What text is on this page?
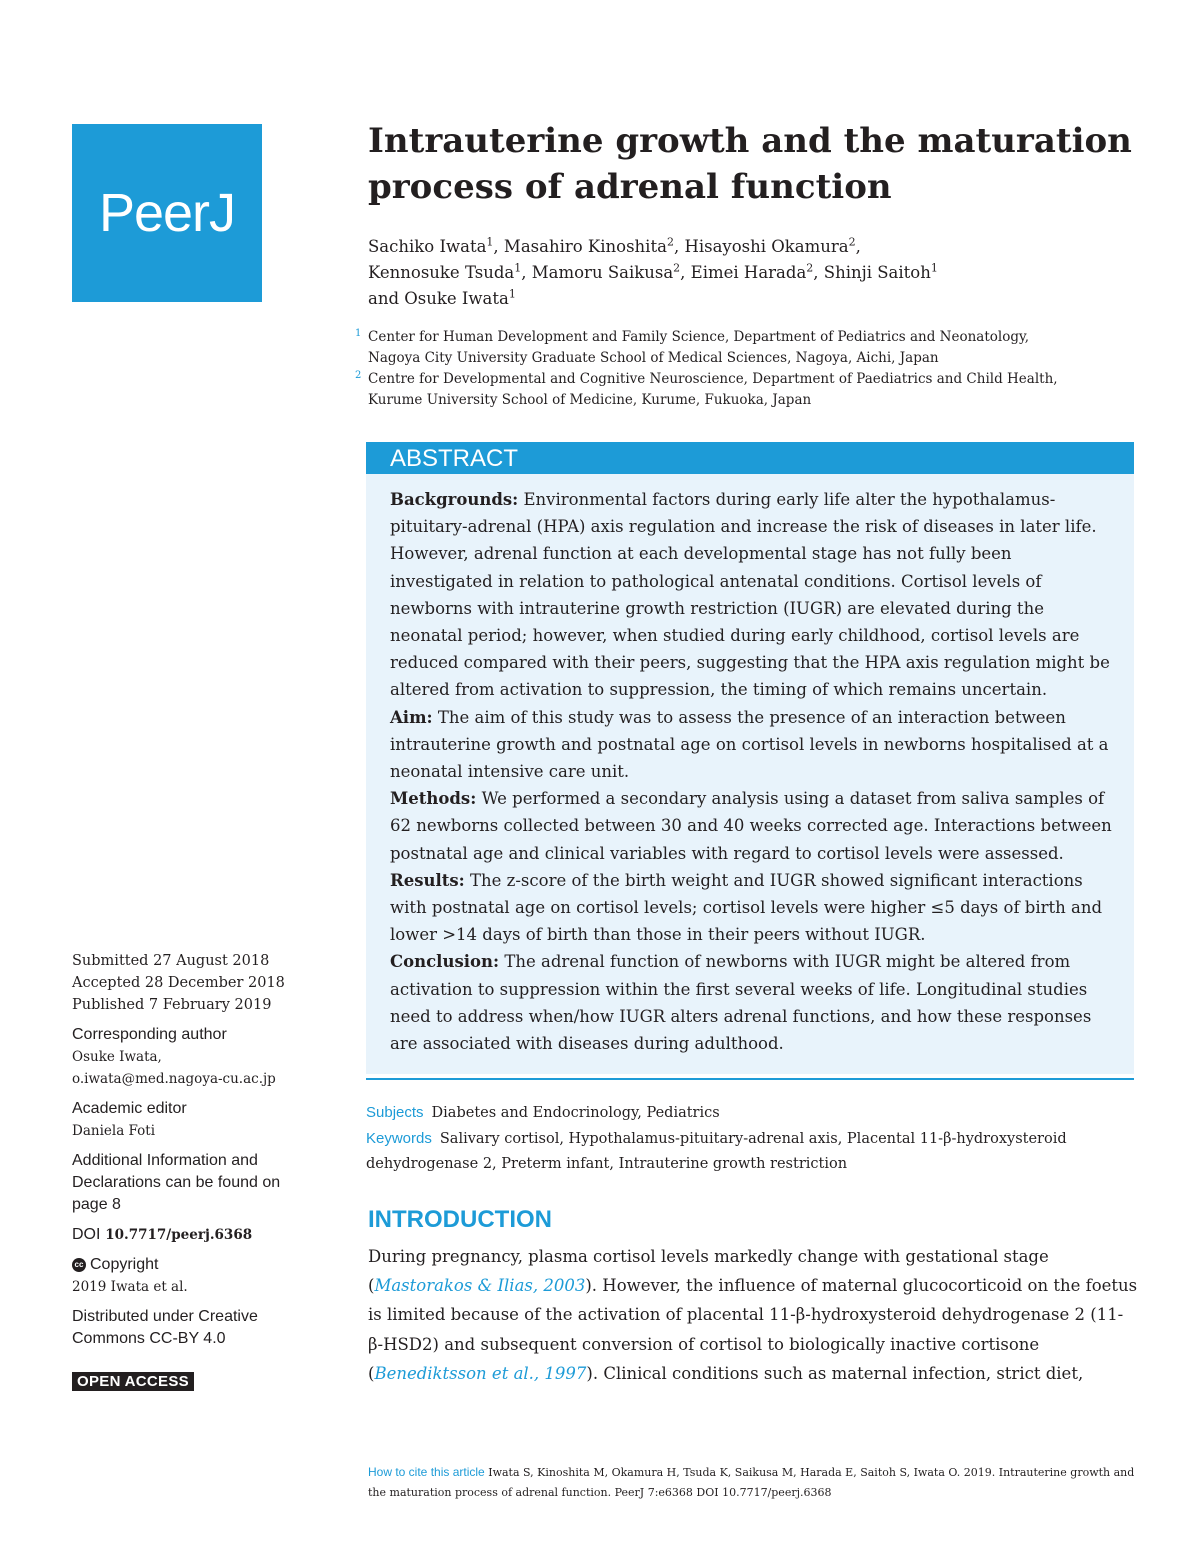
PeerJ
Intrauterine growth and the maturation process of adrenal function
Sachiko Iwata$^1$, Masahiro Kinoshita$^2$, Hisayoshi Okamura$^2$,
Kennosuke Tsuda$^1$, Mamoru Saikusa$^2$, Eimei Harada$^2$, Shinji Saitoh$^1$
and Osuke Iwata$^1$
1 Center for Human Development and Family Science, Department of Pediatrics and Neonatology,
Nagoya City University Graduate School of Medical Sciences, Nagoya, Aichi, Japan
2 Centre for Developmental and Cognitive Neuroscience, Department of Paediatrics and Child Health,
Kurume University School of Medicine, Kurume, Fukuoka, Japan
ABSTRACT
Backgrounds: Environmental factors during early life alter the hypothalamus-pituitary-adrenal (HPA) axis regulation and increase the risk of diseases in later life. However, adrenal function at each developmental stage has not fully been investigated in relation to pathological antenatal conditions. Cortisol levels of newborns with intrauterine growth restriction (IUGR) are elevated during the neonatal period; however, when studied during early childhood, cortisol levels are reduced compared with their peers, suggesting that the HPA axis regulation might be altered from activation to suppression, the timing of which remains uncertain.
Aim: The aim of this study was to assess the presence of an interaction between intrauterine growth and postnatal age on cortisol levels in newborns hospitalised at a neonatal intensive care unit.
Methods: We performed a secondary analysis using a dataset from saliva samples of 62 newborns collected between 30 and 40 weeks corrected age. Interactions between postnatal age and clinical variables with regard to cortisol levels were assessed.
Results: The z-score of the birth weight and IUGR showed significant interactions with postnatal age on cortisol levels; cortisol levels were higher ≤5 days of birth and lower >14 days of birth than those in their peers without IUGR.
Conclusion: The adrenal function of newborns with IUGR might be altered from activation to suppression within the first several weeks of life. Longitudinal studies need to address when/how IUGR alters adrenal functions, and how these responses are associated with diseases during adulthood.
Subjects Diabetes and Endocrinology, Pediatrics
Keywords Salivary cortisol, Hypothalamus-pituitary-adrenal axis, Placental 11-β-hydroxysteroid dehydrogenase 2, Preterm infant, Intrauterine growth restriction
INTRODUCTION
During pregnancy, plasma cortisol levels markedly change with gestational stage (Mastorakos & Ilias, 2003). However, the influence of maternal glucocorticoid on the foetus is limited because of the activation of placental 11-β-hydroxysteroid dehydrogenase 2 (11-β-HSD2) and subsequent conversion of cortisol to biologically inactive cortisone (Benediktsson et al., 1997). Clinical conditions such as maternal infection, strict diet,
Submitted 27 August 2018
Accepted 28 December 2018
Published 7 February 2019
Corresponding author
Osuke Iwata,
o.iwata@med.nagoya-cu.ac.jp
Academic editor
Daniela Foti
Additional Information and Declarations can be found on page 8
DOI 10.7717/peerj.6368
cc Copyright
2019 Iwata et al.
Distributed under Creative Commons CC-BY 4.0
OPEN ACCESS
How to cite this article Iwata S, Kinoshita M, Okamura H, Tsuda K, Saikusa M, Harada E, Saitoh S, Iwata O. 2019. Intrauterine growth and the maturation process of adrenal function. PeerJ 7:e6368 DOI 10.7717/peerj.6368
